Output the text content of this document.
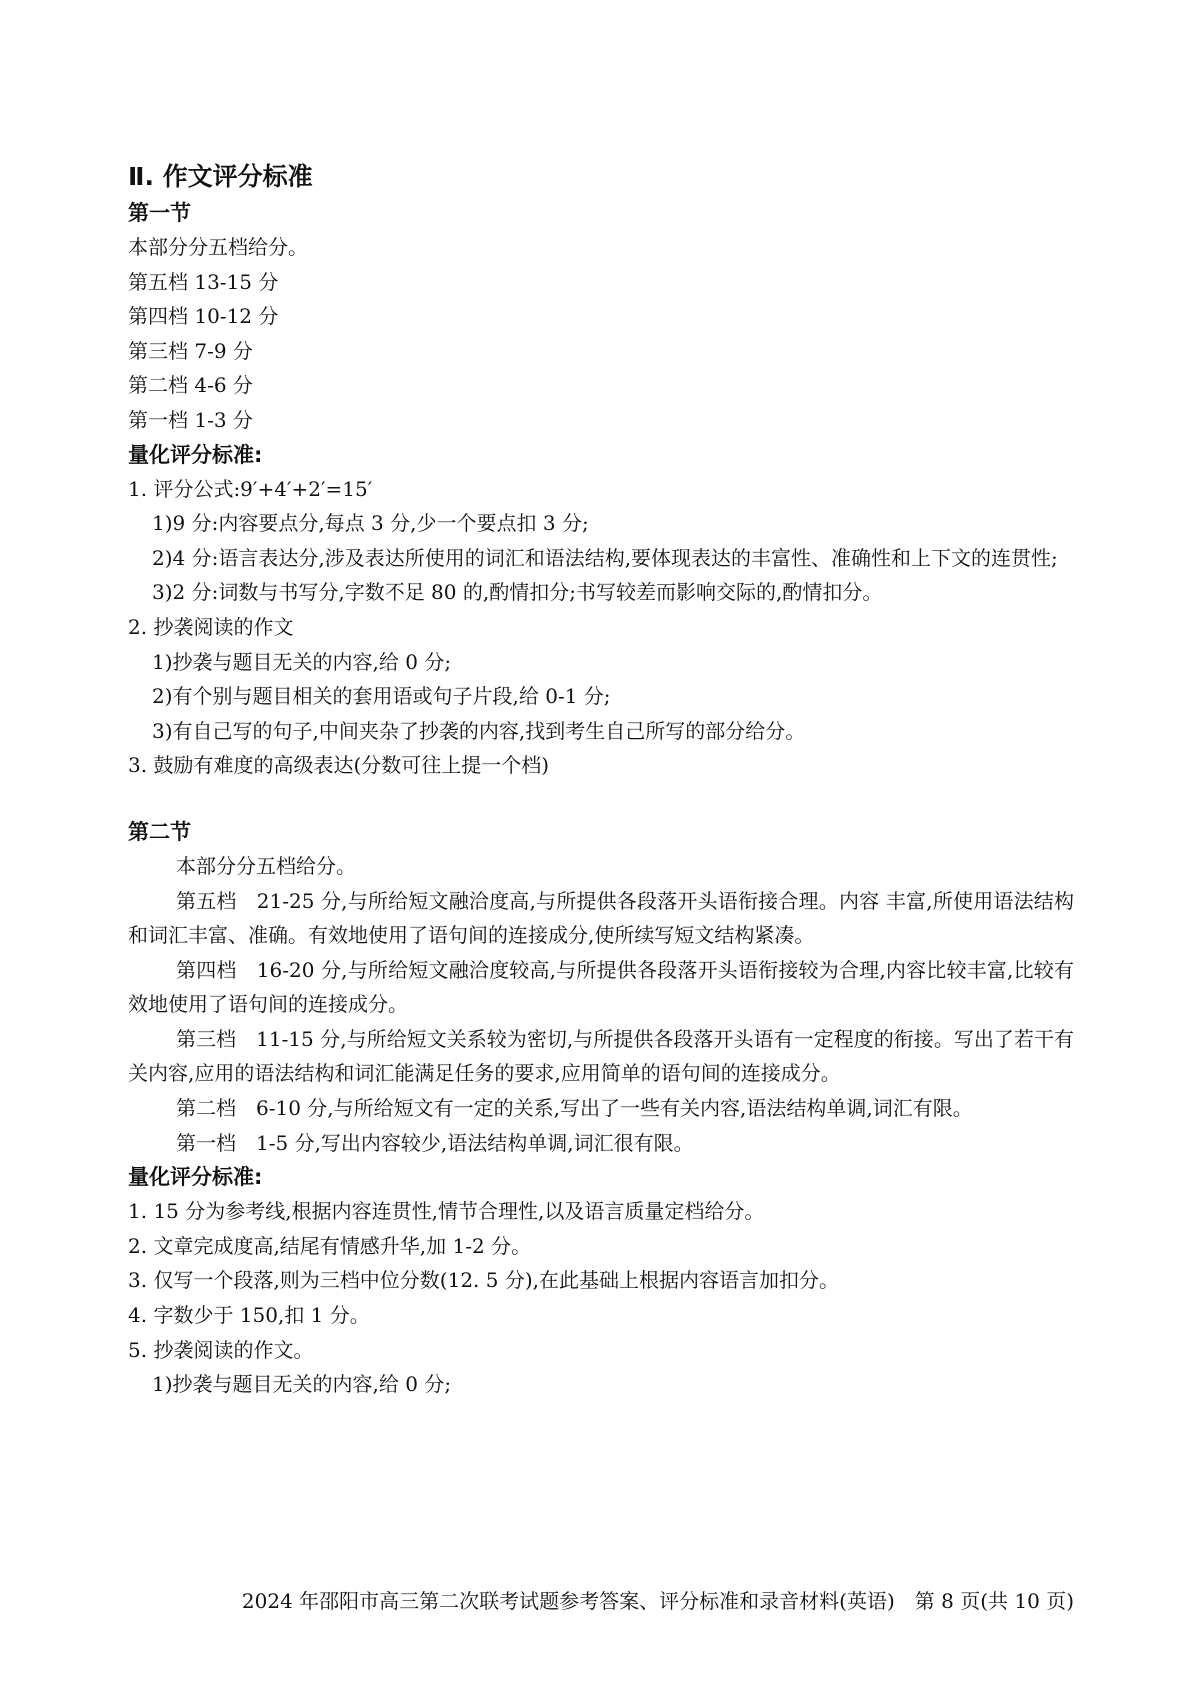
Ⅱ. 作文评分标准
第一节
本部分分五档给分。
第五档 13-15 分
第四档 10-12 分
第三档 7-9 分
第二档 4-6 分
第一档 1-3 分
量化评分标准:
1. 评分公式:9′+4′+2′=15′
1)9 分:内容要点分,每点 3 分,少一个要点扣 3 分;
2)4 分:语言表达分,涉及表达所使用的词汇和语法结构,要体现表达的丰富性、准确性和上下文的连贯性;
3)2 分:词数与书写分,字数不足 80 的,酌情扣分;书写较差而影响交际的,酌情扣分。
2. 抄袭阅读的作文
1)抄袭与题目无关的内容,给 0 分;
2)有个别与题目相关的套用语或句子片段,给 0-1 分;
3)有自己写的句子,中间夹杂了抄袭的内容,找到考生自己所写的部分给分。
3. 鼓励有难度的高级表达(分数可往上提一个档)
第二节
本部分分五档给分。
第五档　21-25 分,与所给短文融洽度高,与所提供各段落开头语衔接合理。内容 丰富,所使用语法结构和词汇丰富、准确。有效地使用了语句间的连接成分,使所续写短文结构紧凑。
第四档　16-20 分,与所给短文融洽度较高,与所提供各段落开头语衔接较为合理,内容比较丰富,比较有效地使用了语句间的连接成分。
第三档　11-15 分,与所给短文关系较为密切,与所提供各段落开头语有一定程度的衔接。写出了若干有关内容,应用的语法结构和词汇能满足任务的要求,应用简单的语句间的连接成分。
第二档　6-10 分,与所给短文有一定的关系,写出了一些有关内容,语法结构单调,词汇有限。
第一档　1-5 分,写出内容较少,语法结构单调,词汇很有限。
量化评分标准:
1. 15 分为参考线,根据内容连贯性,情节合理性,以及语言质量定档给分。
2. 文章完成度高,结尾有情感升华,加 1-2 分。
3. 仅写一个段落,则为三档中位分数(12. 5 分),在此基础上根据内容语言加扣分。
4. 字数少于 150,扣 1 分。
5. 抄袭阅读的作文。
1)抄袭与题目无关的内容,给 0 分;
2024 年邵阳市高三第二次联考试题参考答案、评分标准和录音材料(英语)　第 8 页(共 10 页)
